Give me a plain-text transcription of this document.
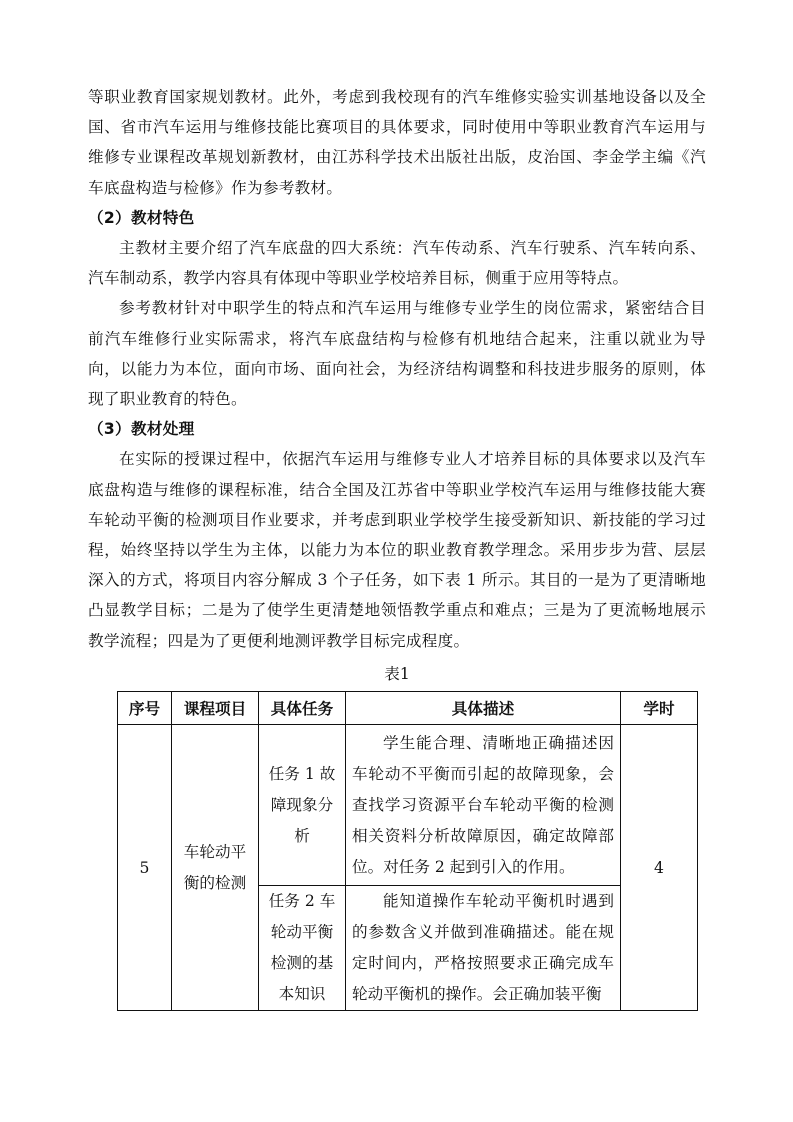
等职业教育国家规划教材。此外，考虑到我校现有的汽车维修实验实训基地设备以及全国、省市汽车运用与维修技能比赛项目的具体要求，同时使用中等职业教育汽车运用与维修专业课程改革规划新教材，由江苏科学技术出版社出版，皮治国、李金学主编《汽车底盘构造与检修》作为参考教材。

（2）教材特色

主教材主要介绍了汽车底盘的四大系统：汽车传动系、汽车行驶系、汽车转向系、汽车制动系，教学内容具有体现中等职业学校培养目标，侧重于应用等特点。

参考教材针对中职学生的特点和汽车运用与维修专业学生的岗位需求，紧密结合目前汽车维修行业实际需求，将汽车底盘结构与检修有机地结合起来，注重以就业为导向，以能力为本位，面向市场、面向社会，为经济结构调整和科技进步服务的原则，体现了职业教育的特色。

（3）教材处理

在实际的授课过程中，依据汽车运用与维修专业人才培养目标的具体要求以及汽车底盘构造与维修的课程标准，结合全国及江苏省中等职业学校汽车运用与维修技能大赛车轮动平衡的检测项目作业要求，并考虑到职业学校学生接受新知识、新技能的学习过程，始终坚持以学生为主体，以能力为本位的职业教育教学理念。采用步步为营、层层深入的方式，将项目内容分解成 3 个子任务，如下表 1 所示。其目的一是为了更清晰地凸显教学目标；二是为了使学生更清楚地领悟教学重点和难点；三是为了更流畅地展示教学流程；四是为了更便利地测评教学目标完成程度。

表1
序号	课程项目	具体任务	具体描述	学时
5	车轮动平衡的检测	任务 1 故障现象分析	学生能合理、清晰地正确描述因车轮动不平衡而引起的故障现象，会查找学习资源平台车轮动平衡的检测相关资料分析故障原因，确定故障部位。对任务 2 起到引入的作用。	4
		任务 2 车轮动平衡检测的基本知识	能知道操作车轮动平衡机时遇到的参数含义并做到准确描述。能在规定时间内，严格按照要求正确完成车轮动平衡机的操作。会正确加装平衡	
